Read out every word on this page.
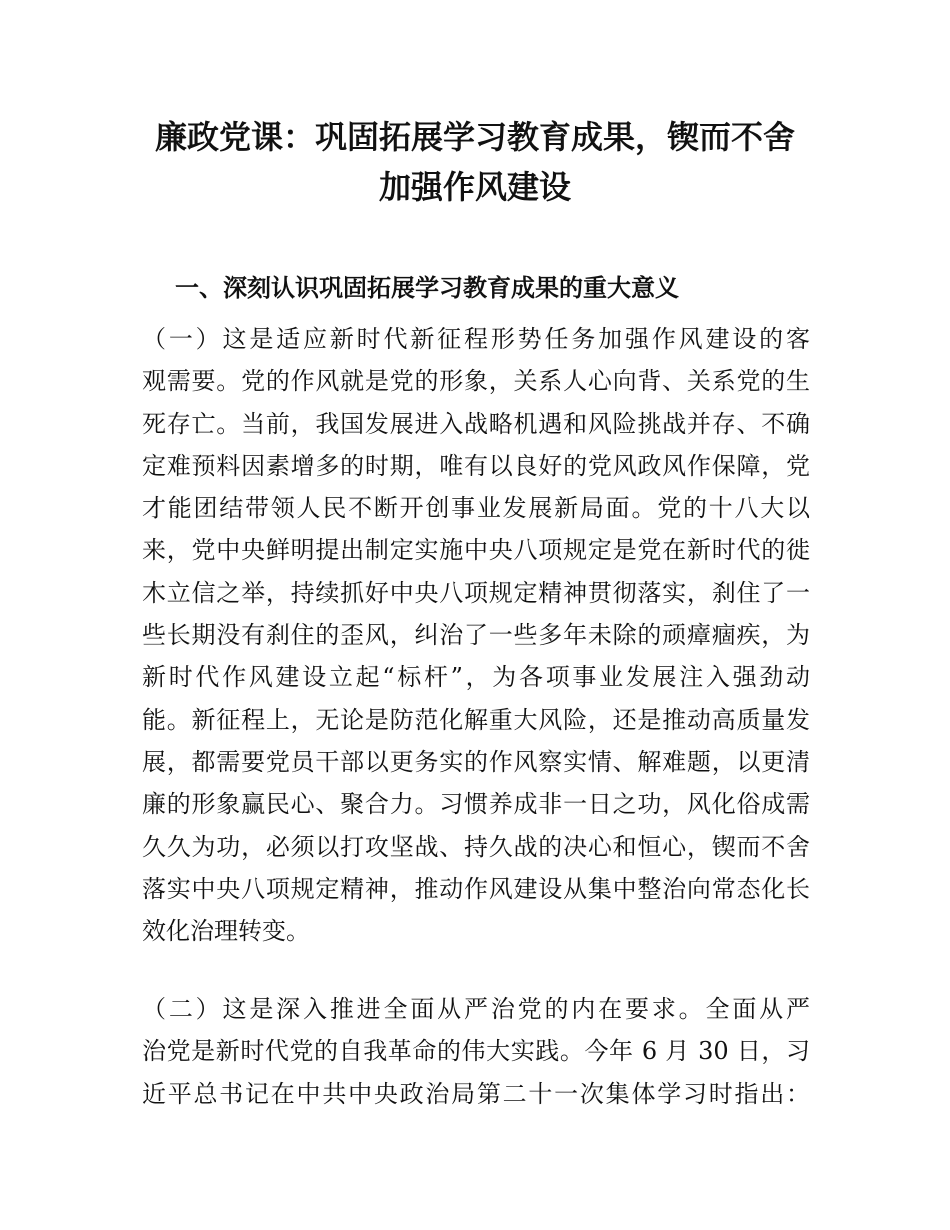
廉政党课：巩固拓展学习教育成果，锲而不舍
加强作风建设
一、深刻认识巩固拓展学习教育成果的重大意义

（一）这是适应新时代新征程形势任务加强作风建设的客
观需要。党的作风就是党的形象，关系人心向背、关系党的生
死存亡。当前，我国发展进入战略机遇和风险挑战并存、不确
定难预料因素增多的时期，唯有以良好的党风政风作保障，党
才能团结带领人民不断开创事业发展新局面。党的十八大以
来，党中央鲜明提出制定实施中央八项规定是党在新时代的徙
木立信之举，持续抓好中央八项规定精神贯彻落实，刹住了一
些长期没有刹住的歪风，纠治了一些多年未除的顽瘴痼疾，为
新时代作风建设立起“标杆”，为各项事业发展注入强劲动
能。新征程上，无论是防范化解重大风险，还是推动高质量发
展，都需要党员干部以更务实的作风察实情、解难题，以更清
廉的形象赢民心、聚合力。习惯养成非一日之功，风化俗成需
久久为功，必须以打攻坚战、持久战的决心和恒心，锲而不舍
落实中央八项规定精神，推动作风建设从集中整治向常态化长
效化治理转变。

（二）这是深入推进全面从严治党的内在要求。全面从严
治党是新时代党的自我革命的伟大实践。今年 6 月 30 日，习
近平总书记在中共中央政治局第二十一次集体学习时指出：
